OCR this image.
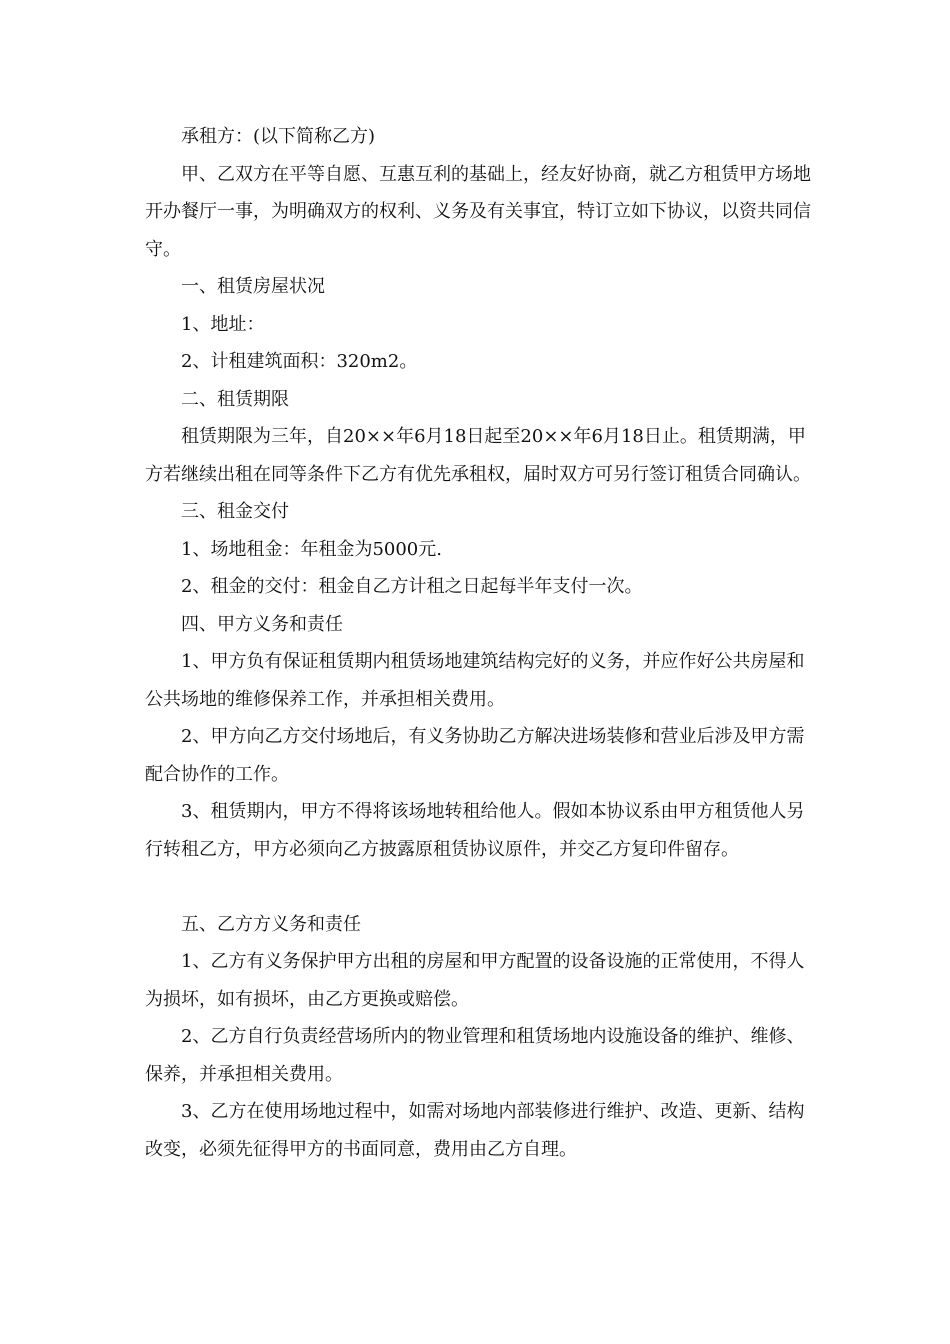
承租方：(以下简称乙方)

甲、乙双方在平等自愿、互惠互利的基础上，经友好协商，就乙方租赁甲方场地开办餐厅一事，为明确双方的权利、义务及有关事宜，特订立如下协议，以资共同信守。

一、租赁房屋状况

1、地址：

2、计租建筑面积：320m2。

二、租赁期限

租赁期限为三年，自20××年6月18日起至20××年6月18日止。租赁期满，甲方若继续出租在同等条件下乙方有优先承租权，届时双方可另行签订租赁合同确认。

三、租金交付

1、场地租金：年租金为5000元.

2、租金的交付：租金自乙方计租之日起每半年支付一次。

四、甲方义务和责任

1、甲方负有保证租赁期内租赁场地建筑结构完好的义务，并应作好公共房屋和公共场地的维修保养工作，并承担相关费用。

2、甲方向乙方交付场地后，有义务协助乙方解决进场装修和营业后涉及甲方需配合协作的工作。

3、租赁期内，甲方不得将该场地转租给他人。假如本协议系由甲方租赁他人另行转租乙方，甲方必须向乙方披露原租赁协议原件，并交乙方复印件留存。

五、乙方方义务和责任

1、乙方有义务保护甲方出租的房屋和甲方配置的设备设施的正常使用，不得人为损坏，如有损坏，由乙方更换或赔偿。

2、乙方自行负责经营场所内的物业管理和租赁场地内设施设备的维护、维修、保养，并承担相关费用。

3、乙方在使用场地过程中，如需对场地内部装修进行维护、改造、更新、结构改变，必须先征得甲方的书面同意，费用由乙方自理。
